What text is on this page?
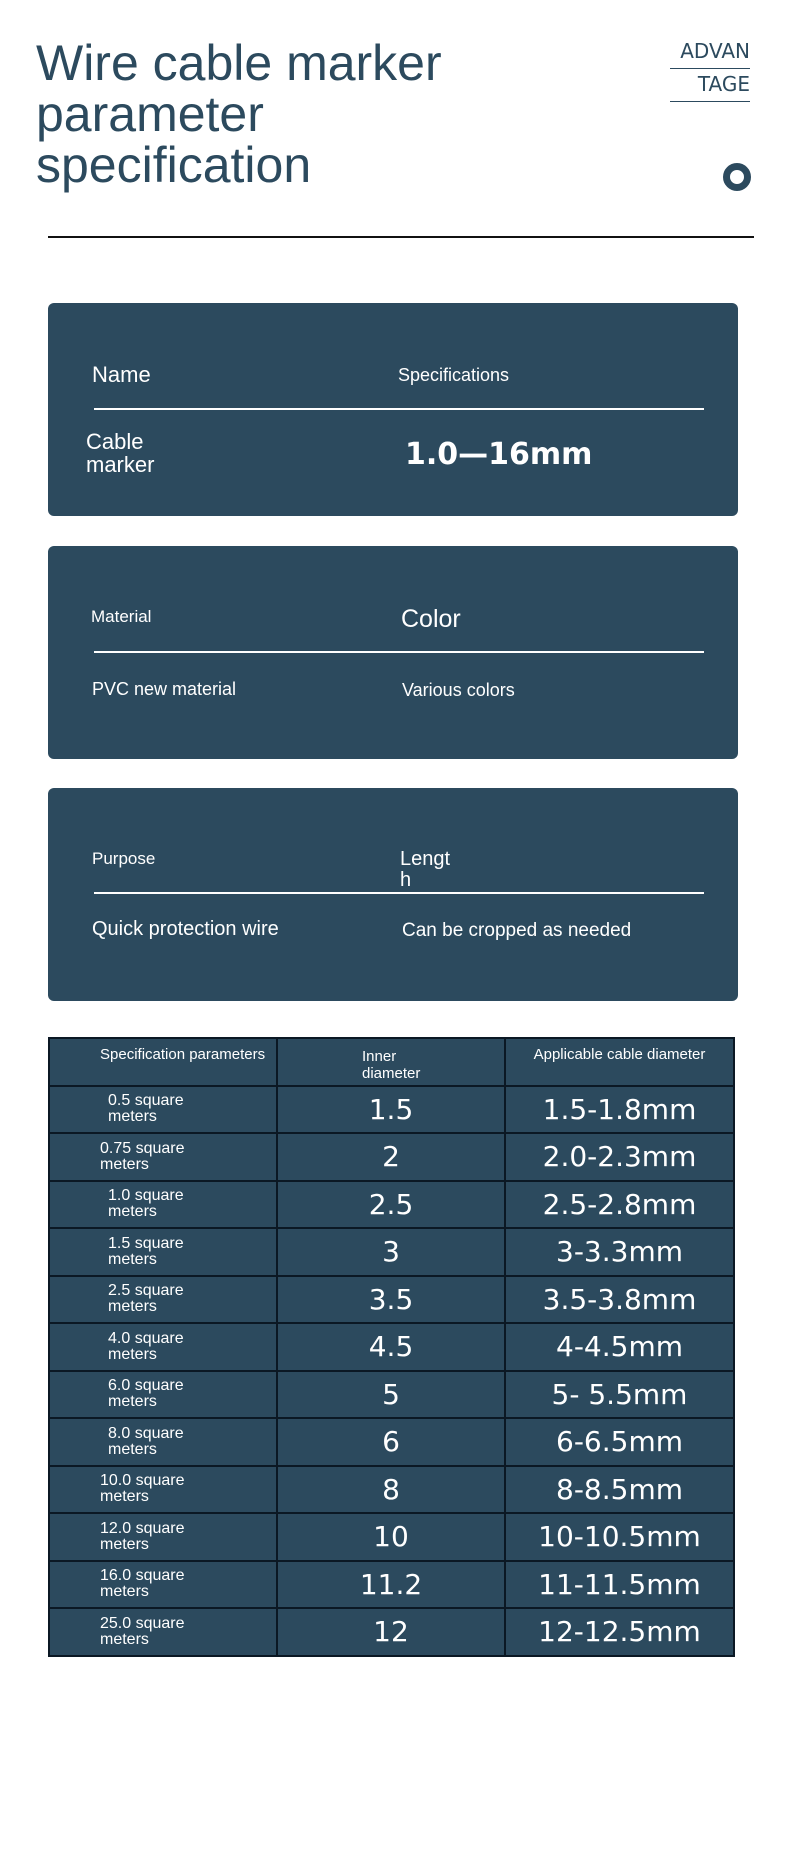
Wire cable marker
parameter
specification
ADVAN
TAGE
Name	Specifications
Cable marker	1.0—16mm
Material	Color
PVC new material	Various colors
Purpose	Length
Quick protection wire	Can be cropped as needed
Specification parameters	Inner diameter	Applicable cable diameter

0.5 square meters	1.5	1.5-1.8mm

0.75 square meters	2	2.0-2.3mm

1.0 square meters	2.5	2.5-2.8mm

1.5 square meters	3	3-3.3mm

2.5 square meters	3.5	3.5-3.8mm

4.0 square meters	4.5	4-4.5mm

6.0 square meters	5	5- 5.5mm

8.0 square meters	6	6-6.5mm

10.0 square meters	8	8-8.5mm

12.0 square meters	10	10-10.5mm

16.0 square meters	11.2	11-11.5mm

25.0 square meters	12	12-12.5mm
